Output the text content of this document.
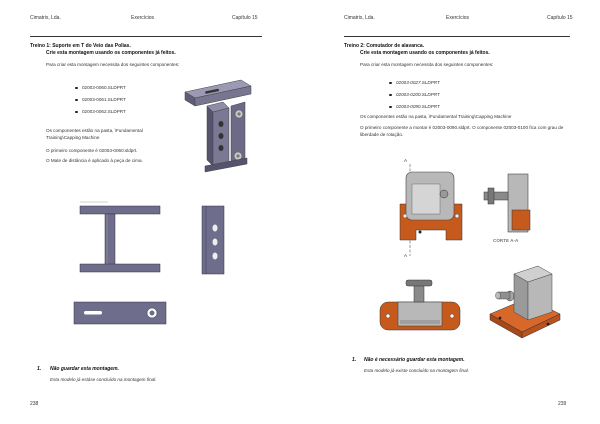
Cimatrix, Lda.	Exercícios	Capítulo 15
Treino 1: Suporte em T do Veio das Polias.
Crie esta montagem usando os componentes já feitos.
Para criar esta montagem necessita dos seguintes componentes:
02003-0060.SLDPRT
02003-0061.SLDPRT
02003-0062.SLDPRT
Os componentes estão na pasta, \Fundamental Training\Capping Machine
O primeiro componente é 02003-0060.sldprt.
O Mate de distância é aplicado à peça de cima.
1. Não guardar esta montagem.
Esta modelo já estáse concluído na montagem final.
238
Cimatrix, Lda.	Exercícios	Capítulo 15
Treino 2: Comutador de alavanca.
Crie esta montagem usando os componentes já feitos.
Para criar esta montagem necessita dos seguintes componentes:
02003-0027.SLDPRT
02003-0200.SLDPRT
02003-0090.SLDPRT
Os componentes estão na pasta, \Fundamental Training\Capping Machine
O primeiro componente a montar é 02003-0090.sldprt. O componente 02003-0100 fica com grau de liberdade de rotação.
A
A
CORTE A-A
1. Não é necessário guardar esta montagem.
Esta modelo já existe concluído na montagem final.
239
